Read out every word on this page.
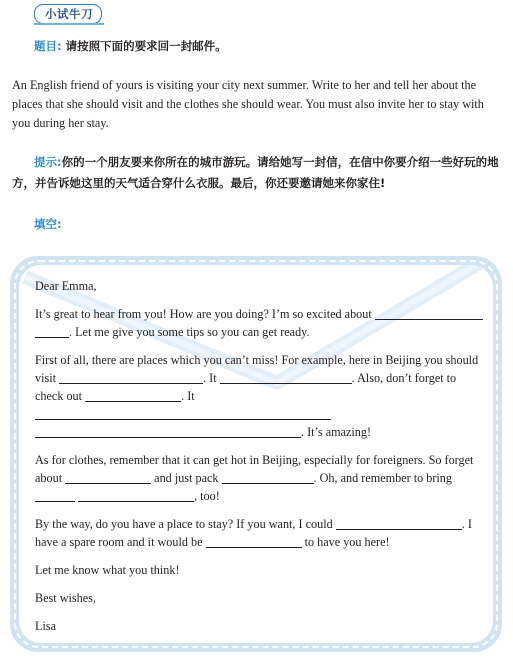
小试牛刀
题目: 请按照下面的要求回一封邮件。
An English friend of yours is visiting your city next summer. Write to her and tell her about the places that she should visit and the clothes she should wear. You must also invite her to stay with you during her stay.
提示:你的一个朋友要来你所在的城市游玩。请给她写一封信，在信中你要介绍一些好玩的地方，并告诉她这里的天气适合穿什么衣服。最后，你还要邀请她来你家住!
填空:

Dear Emma,

It’s great to hear from you! How are you doing? I’m so excited about  . Let me give you some tips so you can get ready.

First of all, there are places which you can’t miss! For example, here in Beijing you should visit	. It	. Also, don’t forget to check out	. It  . It’s amazing!

As for clothes, remember that it can get hot in Beijing, especially for foreigners. So forget about	and just pack	. Oh, and remember to bring  , too!

By the way, do you have a place to stay? If you want, I could	. I have a spare room and it would be	to have you here!

Let me know what you think!

Best wishes,

Lisa
